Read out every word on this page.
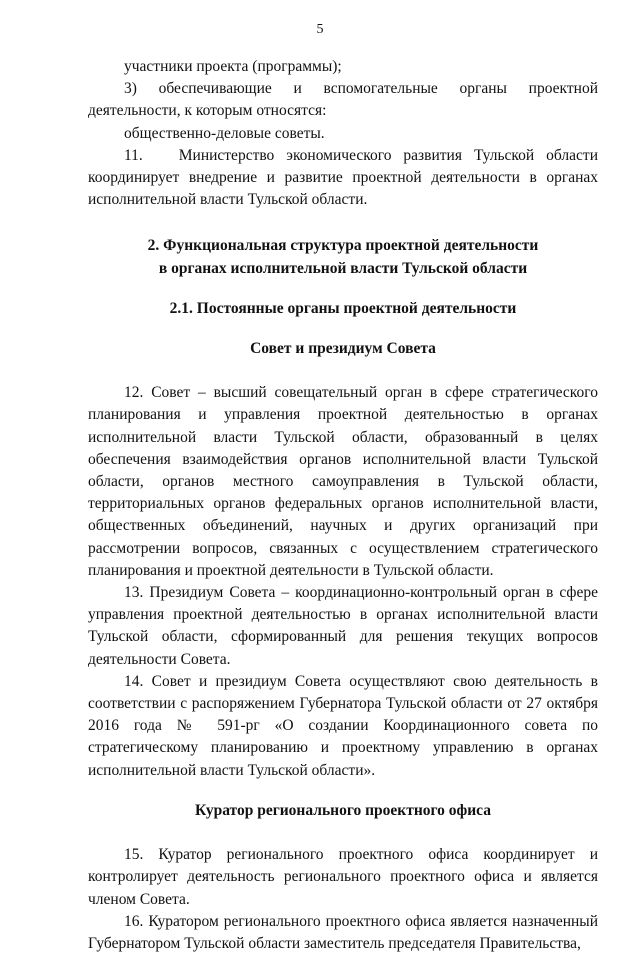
5

участники проекта (программы);

3)     обеспечивающие     и     вспомогательные     органы     проектной деятельности, к которым относятся:

общественно-деловые советы.

11.   Министерство экономического развития Тульской области координирует внедрение и развитие проектной деятельности в органах исполнительной власти Тульской области.

2. Функциональная структура проектной деятельности

в органах исполнительной власти Тульской области

2.1. Постоянные органы проектной деятельности

Совет и президиум Совета

12. Совет – высший совещательный орган в сфере стратегического планирования и управления проектной деятельностью в органах исполнительной власти Тульской области, образованный в целях обеспечения взаимодействия органов исполнительной власти Тульской области, органов местного самоуправления в Тульской области, территориальных органов федеральных органов исполнительной власти, общественных объединений, научных и других организаций при рассмотрении вопросов, связанных с осуществлением стратегического планирования и проектной деятельности в Тульской области.

13. Президиум Совета – координационно-контрольный орган в сфере управления проектной деятельностью в органах исполнительной власти Тульской области, сформированный для решения текущих вопросов деятельности Совета.

14. Совет и президиум Совета осуществляют свою деятельность в соответствии с распоряжением Губернатора Тульской области от 27 октября 2016 года № 591-рг «О создании Координационного совета по стратегическому планированию и проектному управлению в органах исполнительной власти Тульской области».

Куратор регионального проектного офиса

15. Куратор регионального проектного офиса координирует и контролирует деятельность регионального проектного офиса и является членом Совета.

16. Куратором регионального проектного офиса является назначенный Губернатором Тульской области заместитель председателя Правительства,
